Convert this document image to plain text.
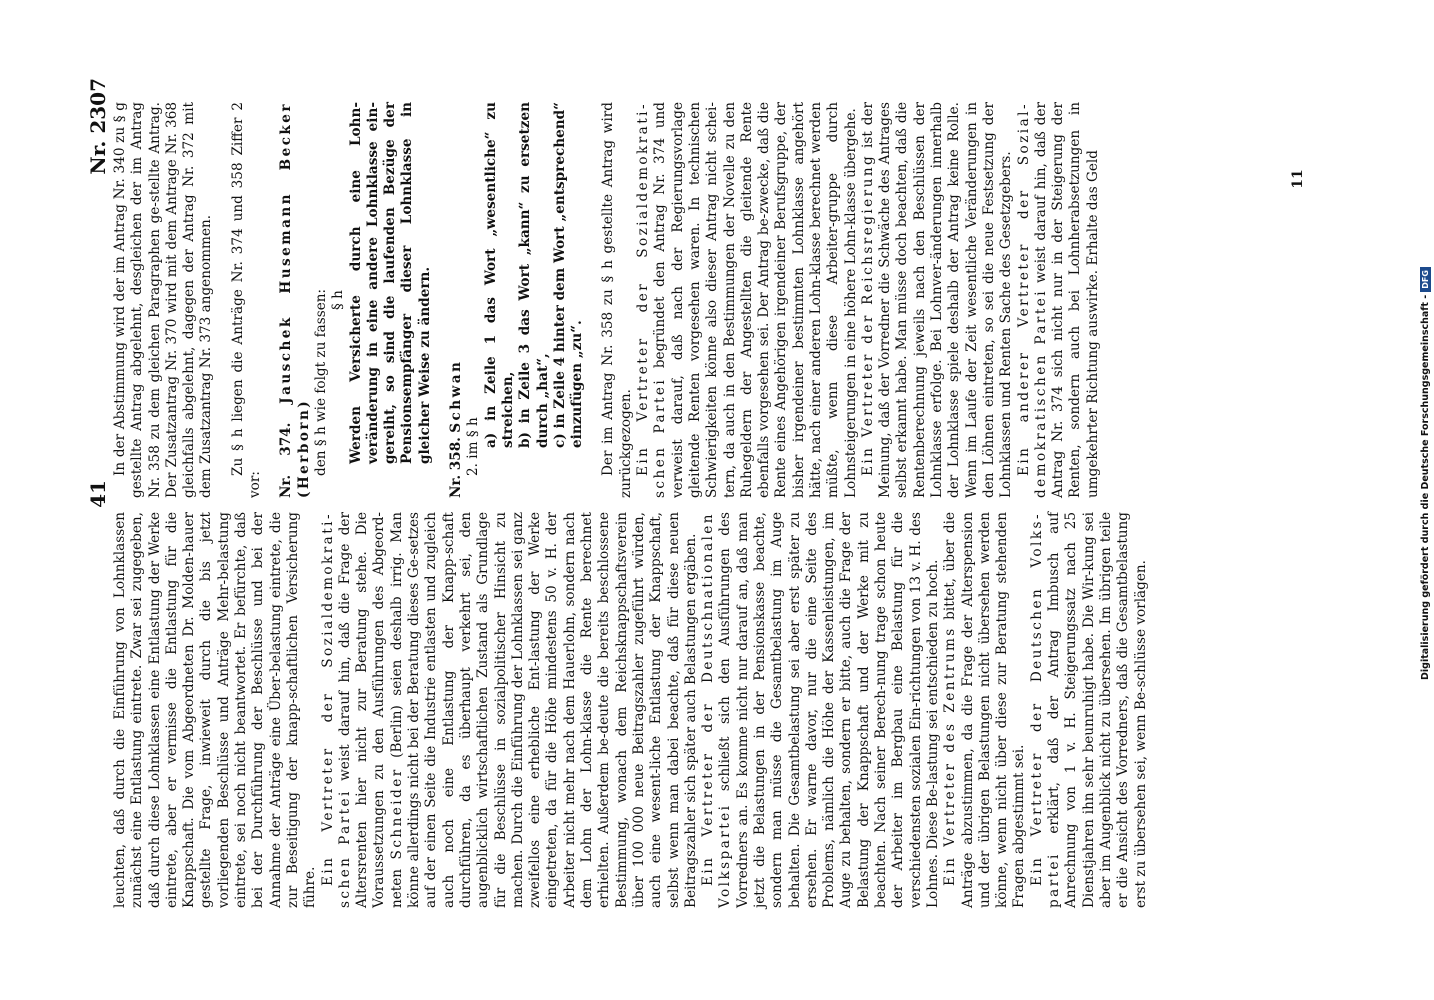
41
Nr. 2307

leuchten, daß durch die Einführung von Lohnklassen zunächst eine Entlastung eintrete. Zwar sei zugegeben, daß durch diese Lohnklassen eine Entlastung der Werke eintrete, aber er vermisse die Entlastung für die Knappschaft. Die vom Abgeordneten Dr. Molden-hauer gestellte Frage, inwieweit durch die bis jetzt vorliegenden Beschlüsse und Anträge Mehr-belastung eintrete, sei noch nicht beantwortet. Er befürchte, daß bei der Durchführung der Beschlüsse und bei der Annahme der Anträge eine Über-belastung eintrete, die zur Beseitigung der knapp-schaftlichen Versicherung führe.

Ein Vertreter der Sozialdemokrati-schen Partei weist darauf hin, daß die Frage der Altersrenten hier nicht zur Beratung stehe. Die Voraussetzungen zu den Ausführungen des Abgeord-neten Schneider (Berlin) seien deshalb irrig. Man könne allerdings nicht bei der Beratung dieses Ge-setzes auf der einen Seite die Industrie entlasten und zugleich auch noch eine Entlastung der Knapp-schaft durchführen, da es überhaupt verkehrt sei, den augenblicklich wirtschaftlichen Zustand als Grundlage für die Beschlüsse in sozialpolitischer Hinsicht zu machen. Durch die Einführung der Lohnklassen sei ganz zweifellos eine erhebliche Ent-lastung der Werke eingetreten, da für die Höhe mindestens 50 v. H. der Arbeiter nicht mehr nach dem Hauerlohn, sondern nach dem Lohn der Lohn-klasse die Rente berechnet erhielten. Außerdem be-deute die bereits beschlossene Bestimmung, wonach dem Reichsknappschaftsverein über 100 000 neue Beitragszahler zugeführt würden, auch eine wesent-liche Entlastung der Knappschaft, selbst wenn man dabei beachte, daß für diese neuen Beitragszahler sich später auch Belastungen ergäben. Ein Vertreter der Deutschnationalen Volkspartei schließt sich den Ausführungen des Vorredners an. Es komme nicht nur darauf an, daß man jetzt die Belastungen in der Pensionskasse beachte, sondern man müsse die Gesamtbelastung im Auge behalten. Die Gesamtbelastung sei aber erst später zu ersehen. Er warne davor, nur die eine Seite des Problems, nämlich die Höhe der Kassenleistungen, im Auge zu behalten, sondern er bitte, auch die Frage der Belastung der Knappschaft und der Werke mit zu beachten. Nach seiner Berech-nung trage schon heute der Arbeiter im Bergbau eine Belastung für die verschiedensten sozialen Ein-richtungen von 13 v. H. des Lohnes. Diese Be-lastung sei entschieden zu hoch. Ein Vertreter des Zentrums bittet, über die Anträge abzustimmen, da die Frage der Alterspension und der übrigen Belastungen nicht übersehen werden könne, wenn nicht über diese zur Beratung stehenden Fragen abgestimmt sei. Ein Vertreter der Deutschen Volks-partei erklärt, daß der Antrag Imbusch auf Anrechnung von 1 v. H. Steigerungssatz nach 25 Dienstjahren ihn sehr beunruhigt habe. Die Wir-kung sei aber im Augenblick nicht zu übersehen. Im übrigen teile er die Ansicht des Vorredners, daß die Gesamtbelastung erst zu übersehen sei, wenn Be-schlüsse vorlägen.

In der Abstimmung wird der im Antrag Nr. 340 zu § g gestellte Antrag abgelehnt, desgleichen der im Antrag Nr. 358 zu dem gleichen Paragraphen ge-stellte Antrag. Der Zusatzantrag Nr. 370 wird mit dem Antrage Nr. 368 gleichfalls abgelehnt, dagegen der Antrag Nr. 372 mit dem Zusatzantrag Nr. 373 angenommen. Zu § h liegen die Anträge Nr. 374 und 358 Ziffer 2 vor: Nr. 374. Jauschek Husemann Becker (Herborn) den § h wie folgt zu fassen: § h Werden Versicherte durch eine Lohn-veränderung in eine andere Lohnklasse ein-gereiht, so sind die laufenden Bezüge der Pensionsempfänger dieser Lohnklasse in gleicher Weise zu ändern.

Nr. 358. Schwan

2. im § h a) in Zeile 1 das Wort „wesentliche“ zu streichen, b) in Zeile 3 das Wort „kann“ zu ersetzen durch „hat“, c) in Zeile 4 hinter dem Wort „entsprechend“ einzufügen „zu“. Der im Antrag Nr. 358 zu § h gestellte Antrag wird zurückgezogen. Ein Vertreter der Sozialdemokrati-schen Partei begründet den Antrag Nr. 374 und verweist darauf, daß nach der Regierungsvorlage gleitende Renten vorgesehen waren. In technischen Schwierigkeiten könne also dieser Antrag nicht schei-tern, da auch in den Bestimmungen der Novelle zu den Ruhegeldern der Angestellten die gleitende Rente ebenfalls vorgesehen sei. Der Antrag be-zwecke, daß die Rente eines Angehörigen irgendeiner Berufsgruppe, der bisher irgendeiner bestimmten Lohnklasse angehört hätte, nach einer anderen Lohn-klasse berechnet werden müßte, wenn diese Arbeiter-gruppe durch Lohnsteigerungen in eine höhere Lohn-klasse übergehe. Ein Vertreter der Reichsregierung ist der Meinung, daß der Vorredner die Schwäche des Antrages selbst erkannt habe. Man müsse doch beachten, daß die Rentenberechnung jeweils nach den Beschlüssen der Lohnklasse erfolge. Bei Lohnver-änderungen innerhalb der Lohnklasse spiele deshalb der Antrag keine Rolle. Wenn im Laufe der Zeit wesentliche Veränderungen in den Löhnen eintreten, so sei die neue Festsetzung der Lohnklassen und Renten Sache des Gesetzgebers. Ein anderer Vertreter der Sozial-demokratischen Partei weist darauf hin, daß der Antrag Nr. 374 sich nicht nur in der Steigerung der Renten, sondern auch bei Lohnherabsetzungen in umgekehrter Richtung auswirke. Erhalte das Geld	11
Digitalisierung gefördert durch die Deutsche Forschungsgemeinschaft -DFG
